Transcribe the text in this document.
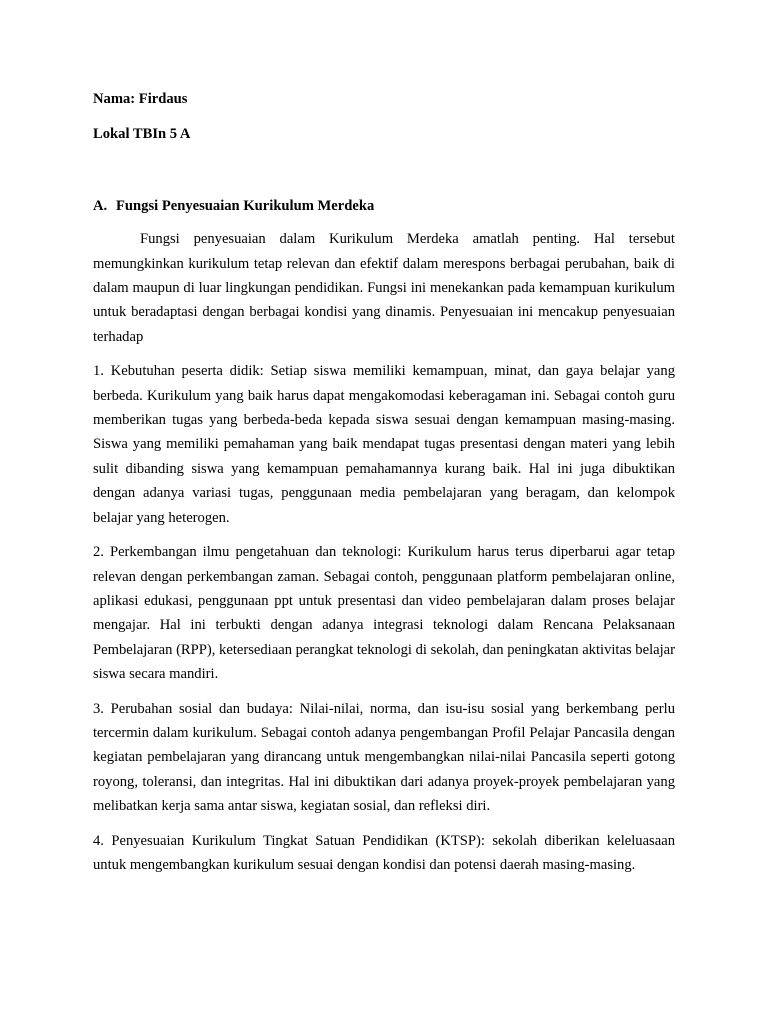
Nama: Firdaus

Lokal TBIn 5 A

A. Fungsi Penyesuaian Kurikulum Merdeka

Fungsi penyesuaian dalam Kurikulum Merdeka amatlah penting. Hal tersebut memungkinkan kurikulum tetap relevan dan efektif dalam merespons berbagai perubahan, baik di dalam maupun di luar lingkungan pendidikan. Fungsi ini menekankan pada kemampuan kurikulum untuk beradaptasi dengan berbagai kondisi yang dinamis. Penyesuaian ini mencakup penyesuaian terhadap

1. Kebutuhan peserta didik: Setiap siswa memiliki kemampuan, minat, dan gaya belajar yang berbeda. Kurikulum yang baik harus dapat mengakomodasi keberagaman ini. Sebagai contoh guru memberikan tugas yang berbeda-beda kepada siswa sesuai dengan kemampuan masing-masing. Siswa yang memiliki pemahaman yang baik mendapat tugas presentasi dengan materi yang lebih sulit dibanding siswa yang kemampuan pemahamannya kurang baik. Hal ini juga dibuktikan dengan adanya variasi tugas, penggunaan media pembelajaran yang beragam, dan kelompok belajar yang heterogen.

2. Perkembangan ilmu pengetahuan dan teknologi: Kurikulum harus terus diperbarui agar tetap relevan dengan perkembangan zaman. Sebagai contoh, penggunaan platform pembelajaran online, aplikasi edukasi, penggunaan ppt untuk presentasi dan video pembelajaran dalam proses belajar mengajar. Hal ini terbukti dengan adanya integrasi teknologi dalam Rencana Pelaksanaan Pembelajaran (RPP), ketersediaan perangkat teknologi di sekolah, dan peningkatan aktivitas belajar siswa secara mandiri.

3. Perubahan sosial dan budaya: Nilai-nilai, norma, dan isu-isu sosial yang berkembang perlu tercermin dalam kurikulum. Sebagai contoh adanya pengembangan Profil Pelajar Pancasila dengan kegiatan pembelajaran yang dirancang untuk mengembangkan nilai-nilai Pancasila seperti gotong royong, toleransi, dan integritas. Hal ini dibuktikan dari adanya proyek-proyek pembelajaran yang melibatkan kerja sama antar siswa, kegiatan sosial, dan refleksi diri.

4. Penyesuaian Kurikulum Tingkat Satuan Pendidikan (KTSP): sekolah diberikan keleluasaan untuk mengembangkan kurikulum sesuai dengan kondisi dan potensi daerah masing-masing.
